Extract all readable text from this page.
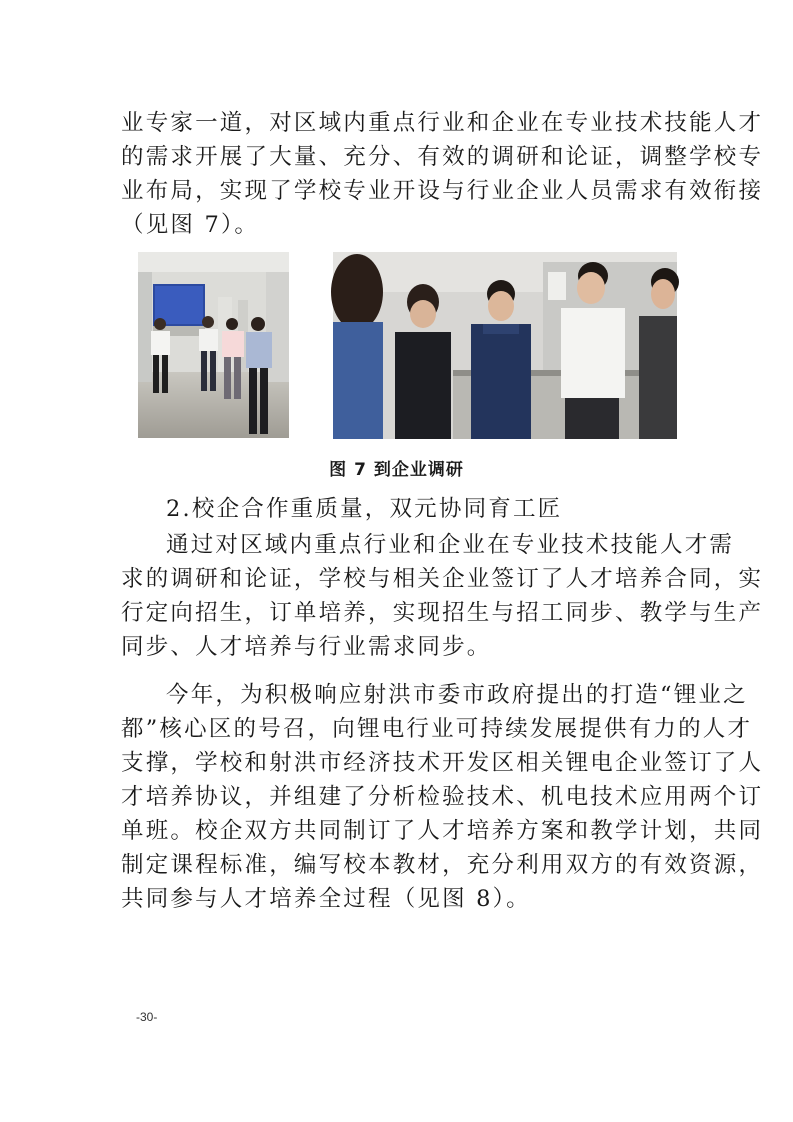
业专家一道，对区域内重点行业和企业在专业技术技能人才
的需求开展了大量、充分、有效的调研和论证，调整学校专
业布局，实现了学校专业开设与行业企业人员需求有效衔接
（见图 7）。
图 7 到企业调研
2.校企合作重质量，双元协同育工匠
通过对区域内重点行业和企业在专业技术技能人才需
求的调研和论证，学校与相关企业签订了人才培养合同，实
行定向招生，订单培养，实现招生与招工同步、教学与生产
同步、人才培养与行业需求同步。
今年，为积极响应射洪市委市政府提出的打造“锂业之
都”核心区的号召，向锂电行业可持续发展提供有力的人才
支撑，学校和射洪市经济技术开发区相关锂电企业签订了人
才培养协议，并组建了分析检验技术、机电技术应用两个订
单班。校企双方共同制订了人才培养方案和教学计划，共同
制定课程标准，编写校本教材，充分利用双方的有效资源，
共同参与人才培养全过程（见图 8）。
-30-
